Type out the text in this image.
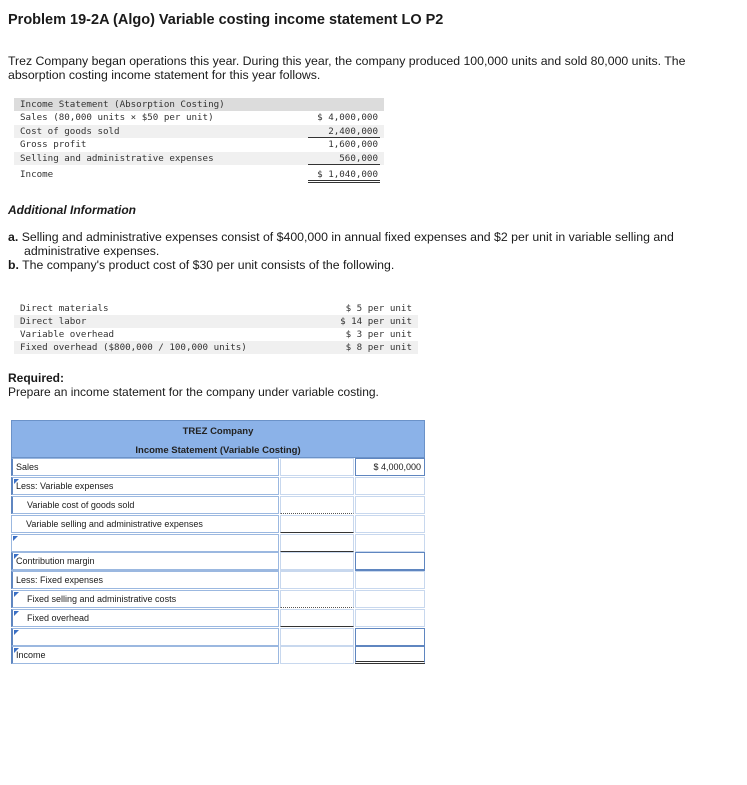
Problem 19-2A (Algo) Variable costing income statement LO P2
Trez Company began operations this year. During this year, the company produced 100,000 units and sold 80,000 units. The absorption costing income statement for this year follows.
Income Statement (Absorption Costing)
Sales (80,000 units × $50 per unit)	$ 4,000,000
Cost of goods sold	2,400,000
Gross profit	1,600,000
Selling and administrative expenses	560,000
Income	$ 1,040,000
Additional Information
a. Selling and administrative expenses consist of $400,000 in annual fixed expenses and $2 per unit in variable selling and administrative expenses.
b. The company's product cost of $30 per unit consists of the following.
Direct materials	$ 5 per unit
Direct labor	$ 14 per unit
Variable overhead	$ 3 per unit
Fixed overhead ($800,000 / 100,000 units)	$ 8 per unit
Required:
Prepare an income statement for the company under variable costing.
TREZ Company
Income Statement (Variable Costing)
Sales	$ 4,000,000
Less: Variable expenses
Variable cost of goods sold
Variable selling and administrative expenses
Contribution margin
Less: Fixed expenses
Fixed selling and administrative costs
Fixed overhead
Income
